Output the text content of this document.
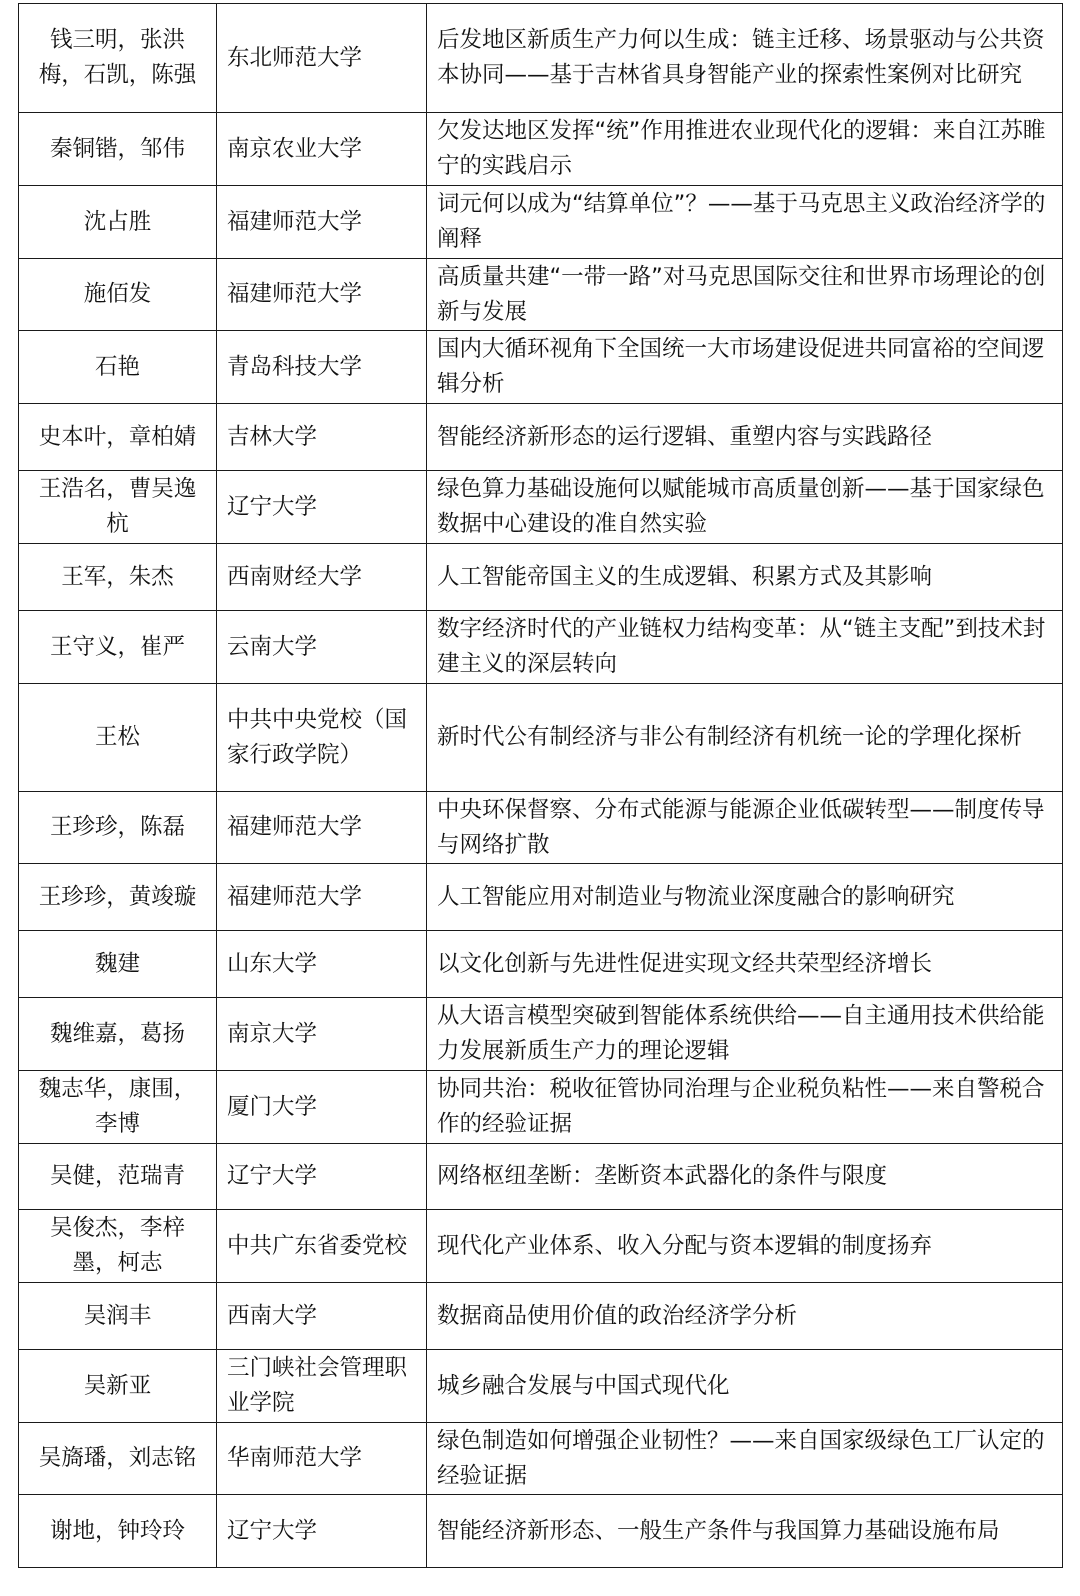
钱三明，张洪梅，石凯，陈强	东北师范大学	后发地区新质生产力何以生成：链主迁移、场景驱动与公共资本协同——基于吉林省具身智能产业的探索性案例对比研究
秦铜锴，邹伟	南京农业大学	欠发达地区发挥“统”作用推进农业现代化的逻辑：来自江苏睢宁的实践启示
沈占胜	福建师范大学	词元何以成为“结算单位”？——基于马克思主义政治经济学的阐释
施佰发	福建师范大学	高质量共建“一带一路”对马克思国际交往和世界市场理论的创新与发展
石艳	青岛科技大学	国内大循环视角下全国统一大市场建设促进共同富裕的空间逻辑分析
史本叶，章柏婧	吉林大学	智能经济新形态的运行逻辑、重塑内容与实践路径
王浩名，曹吴逸杭	辽宁大学	绿色算力基础设施何以赋能城市高质量创新——基于国家绿色数据中心建设的准自然实验
王军，朱杰	西南财经大学	人工智能帝国主义的生成逻辑、积累方式及其影响
王守义，崔严	云南大学	数字经济时代的产业链权力结构变革：从“链主支配”到技术封建主义的深层转向
王松	中共中央党校（国家行政学院）	新时代公有制经济与非公有制经济有机统一论的学理化探析
王珍珍，陈磊	福建师范大学	中央环保督察、分布式能源与能源企业低碳转型——制度传导与网络扩散
王珍珍，黄竣璇	福建师范大学	人工智能应用对制造业与物流业深度融合的影响研究
魏建	山东大学	以文化创新与先进性促进实现文经共荣型经济增长
魏维嘉，葛扬	南京大学	从大语言模型突破到智能体系统供给——自主通用技术供给能力发展新质生产力的理论逻辑
魏志华，康围，李博	厦门大学	协同共治：税收征管协同治理与企业税负粘性——来自警税合作的经验证据
吴健，范瑞青	辽宁大学	网络枢纽垄断：垄断资本武器化的条件与限度
吴俊杰，李梓墨，柯志	中共广东省委党校	现代化产业体系、收入分配与资本逻辑的制度扬弃
吴润丰	西南大学	数据商品使用价值的政治经济学分析
吴新亚	三门峡社会管理职业学院	城乡融合发展与中国式现代化
吴旖璠，刘志铭	华南师范大学	绿色制造如何增强企业韧性？——来自国家级绿色工厂认定的经验证据
谢地，钟玲玲	辽宁大学	智能经济新形态、一般生产条件与我国算力基础设施布局
